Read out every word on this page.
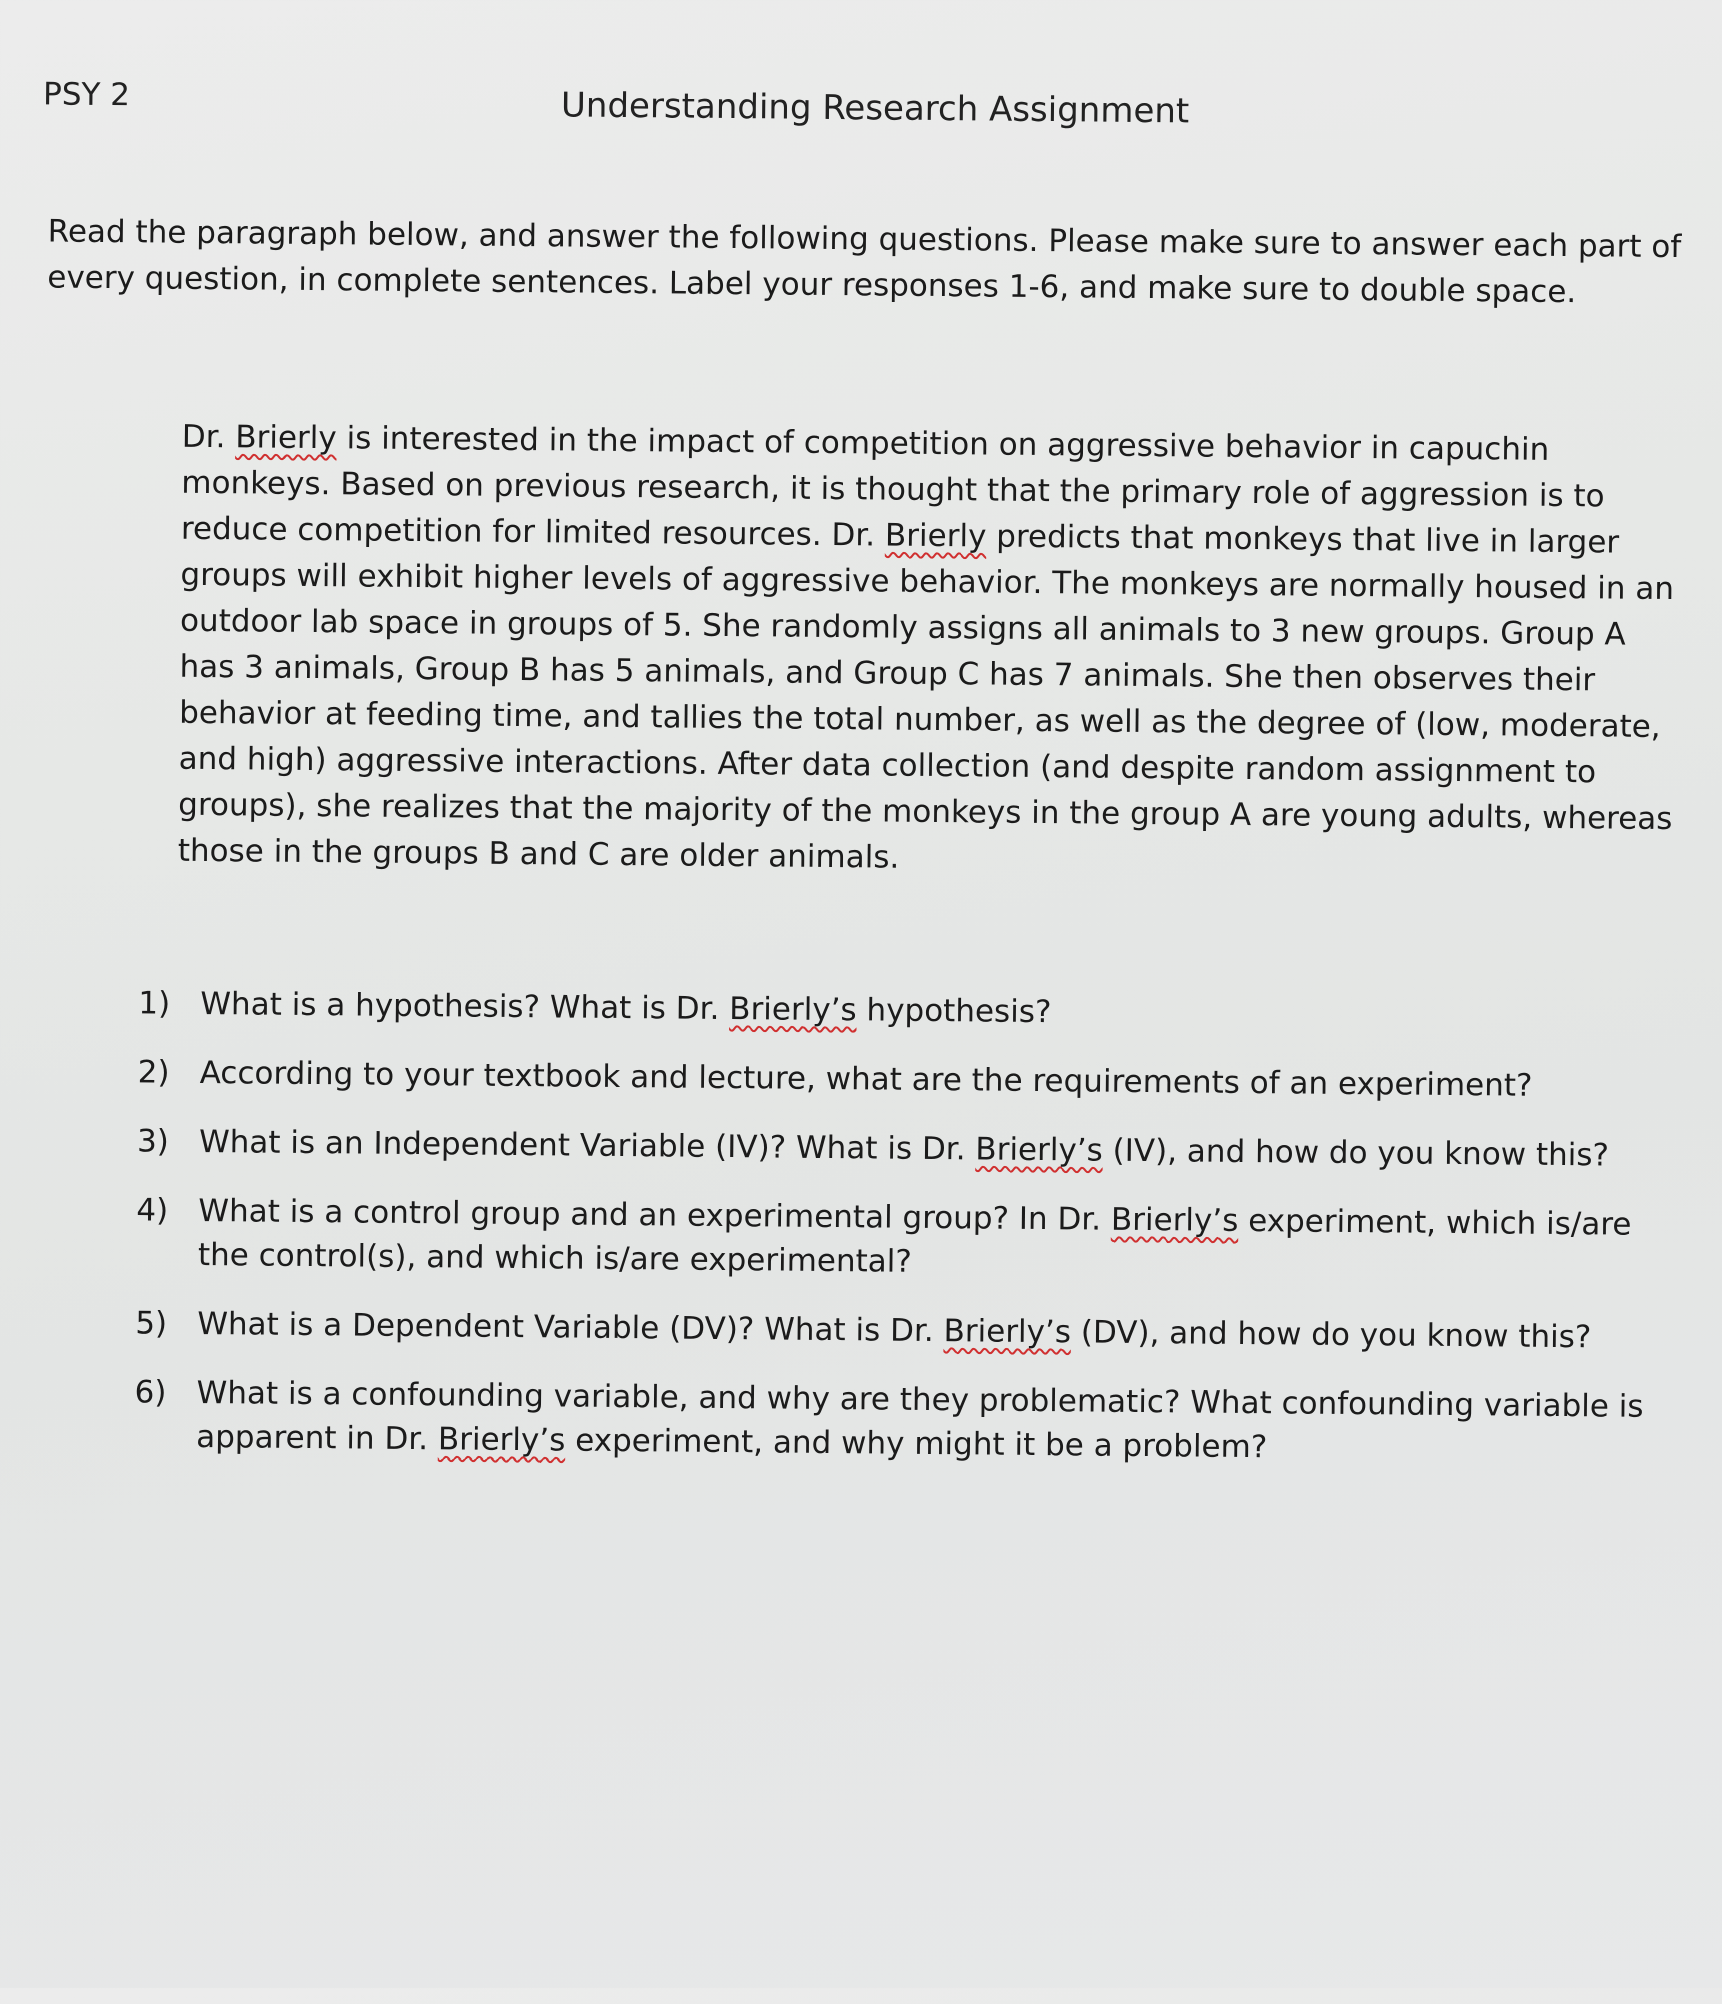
PSY 2	Understanding Research Assignment

Read the paragraph below, and answer the following questions. Please make sure to answer each part of every question, in complete sentences. Label your responses 1-6, and make sure to double space.

Dr. Brierly is interested in the impact of competition on aggressive behavior in capuchin
monkeys. Based on previous research, it is thought that the primary role of aggression is to
reduce competition for limited resources. Dr. Brierly predicts that monkeys that live in larger
groups will exhibit higher levels of aggressive behavior. The monkeys are normally housed in an
outdoor lab space in groups of 5. She randomly assigns all animals to 3 new groups. Group A
has 3 animals, Group B has 5 animals, and Group C has 7 animals. She then observes their
behavior at feeding time, and tallies the total number, as well as the degree of (low, moderate,
and high) aggressive interactions. After data collection (and despite random assignment to
groups), she realizes that the majority of the monkeys in the group A are young adults, whereas
those in the groups B and C are older animals.
1) What is a hypothesis? What is Dr. Brierly’s hypothesis?
2) According to your textbook and lecture, what are the requirements of an experiment?
3) What is an Independent Variable (IV)? What is Dr. Brierly’s (IV), and how do you know this?
4) What is a control group and an experimental group? In Dr. Brierly’s experiment, which is/are the control(s), and which is/are experimental?
5) What is a Dependent Variable (DV)? What is Dr. Brierly’s (DV), and how do you know this?
6) What is a confounding variable, and why are they problematic? What confounding variable is apparent in Dr. Brierly’s experiment, and why might it be a problem?
